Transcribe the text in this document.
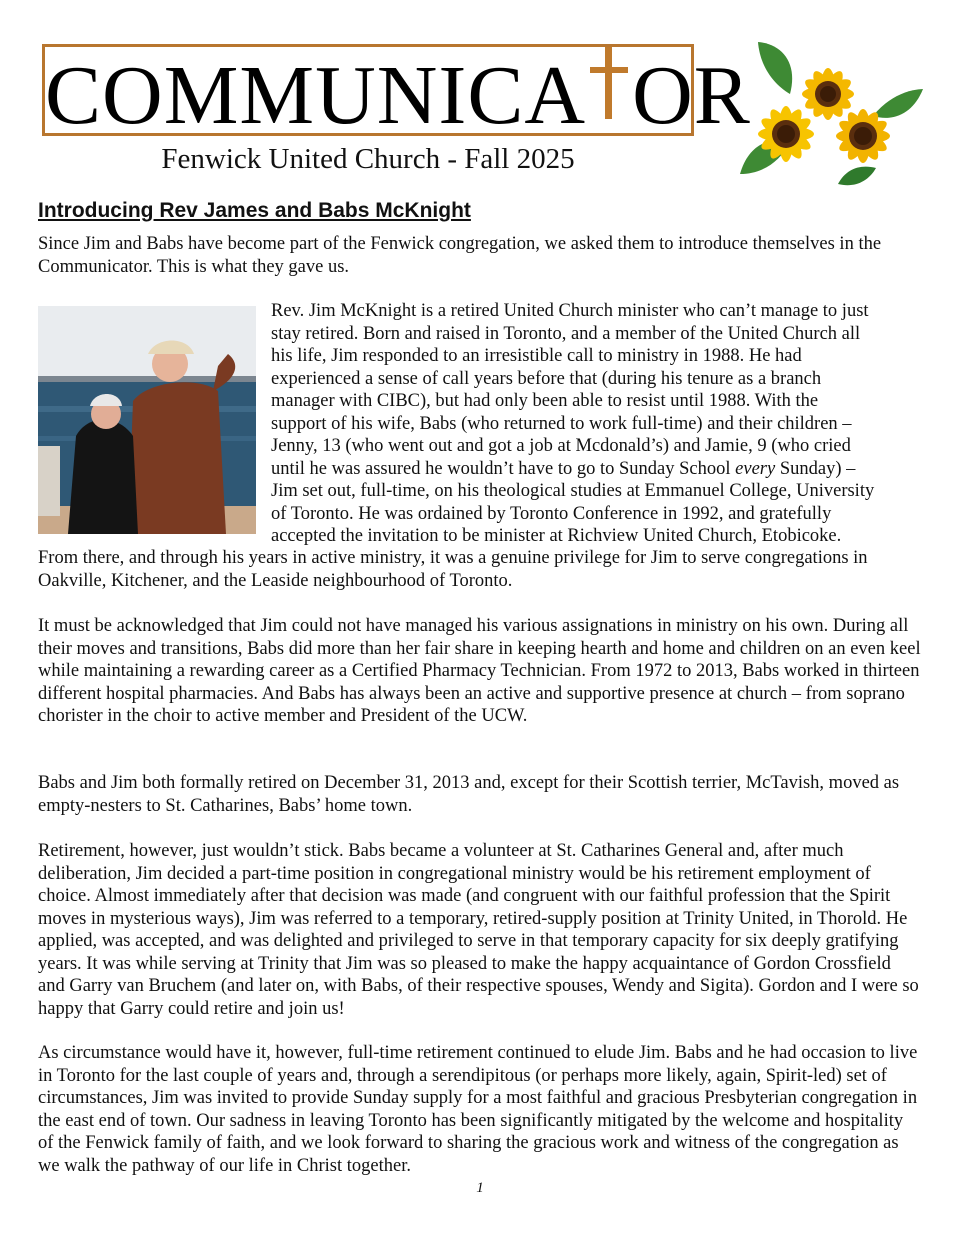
COMMUNICA OR
Fenwick United Church - Fall 2025
Introducing Rev James and Babs McKnight

Since Jim and Babs have become part of the Fenwick congregation, we asked them to introduce themselves in the Communicator. This is what they gave us.

Rev. Jim McKnight is a retired United Church minister who can’t manage to just
stay retired. Born and raised in Toronto, and a member of the United Church all
his life, Jim responded to an irresistible call to ministry in 1988. He had
experienced a sense of call years before that (during his tenure as a branch
manager with CIBC), but had only been able to resist until 1988. With the
support of his wife, Babs (who returned to work full-time) and their children –
Jenny, 13 (who went out and got a job at Mcdonald’s) and Jamie, 9 (who cried
until he was assured he wouldn’t have to go to Sunday School every Sunday) –
Jim set out, full-time, on his theological studies at Emmanuel College, University
of Toronto. He was ordained by Toronto Conference in 1992, and gratefully
accepted the invitation to be minister at Richview United Church, Etobicoke.

From there, and through his years in active ministry, it was a genuine privilege for Jim to serve congregations in Oakville, Kitchener, and the Leaside neighbourhood of Toronto.

It must be acknowledged that Jim could not have managed his various assignations in ministry on his own. During all their moves and transitions, Babs did more than her fair share in keeping hearth and home and children on an even keel while maintaining a rewarding career as a Certified Pharmacy Technician. From 1972 to 2013, Babs worked in thirteen different hospital pharmacies. And Babs has always been an active and supportive presence at church – from soprano chorister in the choir to active member and President of the UCW.

Babs and Jim both formally retired on December 31, 2013 and, except for their Scottish terrier, McTavish, moved as empty-nesters to St. Catharines, Babs’ home town.

Retirement, however, just wouldn’t stick. Babs became a volunteer at St. Catharines General and, after much deliberation, Jim decided a part-time position in congregational ministry would be his retirement employment of choice. Almost immediately after that decision was made (and congruent with our faithful profession that the Spirit moves in mysterious ways), Jim was referred to a temporary, retired-supply position at Trinity United, in Thorold. He applied, was accepted, and was delighted and privileged to serve in that temporary capacity for six deeply gratifying years. It was while serving at Trinity that Jim was so pleased to make the happy acquaintance of Gordon Crossfield and Garry van Bruchem (and later on, with Babs, of their respective spouses, Wendy and Sigita). Gordon and I were so happy that Garry could retire and join us!

As circumstance would have it, however, full-time retirement continued to elude Jim. Babs and he had occasion to live in Toronto for the last couple of years and, through a serendipitous (or perhaps more likely, again, Spirit-led) set of circumstances, Jim was invited to provide Sunday supply for a most faithful and gracious Presbyterian congregation in the east end of town. Our sadness in leaving Toronto has been significantly mitigated by the welcome and hospitality of the Fenwick family of faith, and we look forward to sharing the gracious work and witness of the congregation as we walk the pathway of our life in Christ together.

1
